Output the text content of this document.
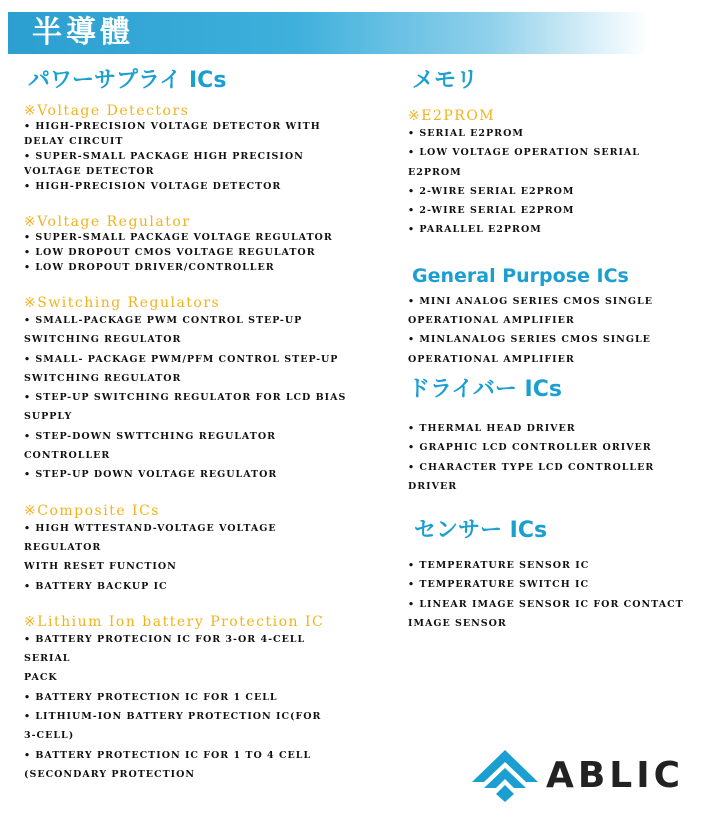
半導體
パワーサプライ ICs
※Voltage Detectors
• HIGH-PRECISION VOLTAGE DETECTOR WITH
DELAY CIRCUIT
• SUPER-SMALL PACKAGE HIGH PRECISION
VOLTAGE DETECTOR
• HIGH-PRECISION VOLTAGE DETECTOR
※Voltage Regulator
• SUPER-SMALL PACKAGE VOLTAGE REGULATOR
• LOW DROPOUT CMOS VOLTAGE REGULATOR
• LOW DROPOUT DRIVER/CONTROLLER
※Switching Regulators
• SMALL-PACKAGE PWM CONTROL STEP-UP
SWITCHING REGULATOR
• SMALL- PACKAGE PWM/PFM CONTROL STEP-UP
SWITCHING REGULATOR
• STEP-UP SWITCHING REGULATOR FOR LCD BIAS
SUPPLY
• STEP-DOWN SWTTCHING REGULATOR CONTROLLER
• STEP-UP DOWN VOLTAGE REGULATOR
※Composite ICs
• HIGH WTTESTAND-VOLTAGE VOLTAGE
REGULATOR
WITH RESET FUNCTION
• BATTERY BACKUP IC
※Lithium Ion battery Protection IC
• BATTERY PROTECION IC FOR 3-OR 4-CELL
SERIAL
PACK
• BATTERY PROTECTION IC FOR 1 CELL
• LITHIUM-ION BATTERY PROTECTION IC(FOR
3-CELL)
• BATTERY PROTECTION IC FOR 1 TO 4 CELL
(SECONDARY PROTECTION
メモリ
※E2PROM
• SERIAL E2PROM
• LOW VOLTAGE OPERATION SERIAL
E2PROM
• 2-WIRE SERIAL E2PROM
• 2-WIRE SERIAL E2PROM
• PARALLEL E2PROM
General Purpose ICs
• MINI ANALOG SERIES CMOS SINGLE
OPERATIONAL AMPLIFIER
• MINLANALOG SERIES CMOS SINGLE
OPERATIONAL AMPLIFIER
ドライバー ICs
• THERMAL HEAD DRIVER
• GRAPHIC LCD CONTROLLER ORIVER
• CHARACTER TYPE LCD CONTROLLER
DRIVER
センサー ICs
• TEMPERATURE SENSOR IC
• TEMPERATURE SWITCH IC
• LINEAR IMAGE SENSOR IC FOR CONTACT
IMAGE SENSOR
ABLIC
